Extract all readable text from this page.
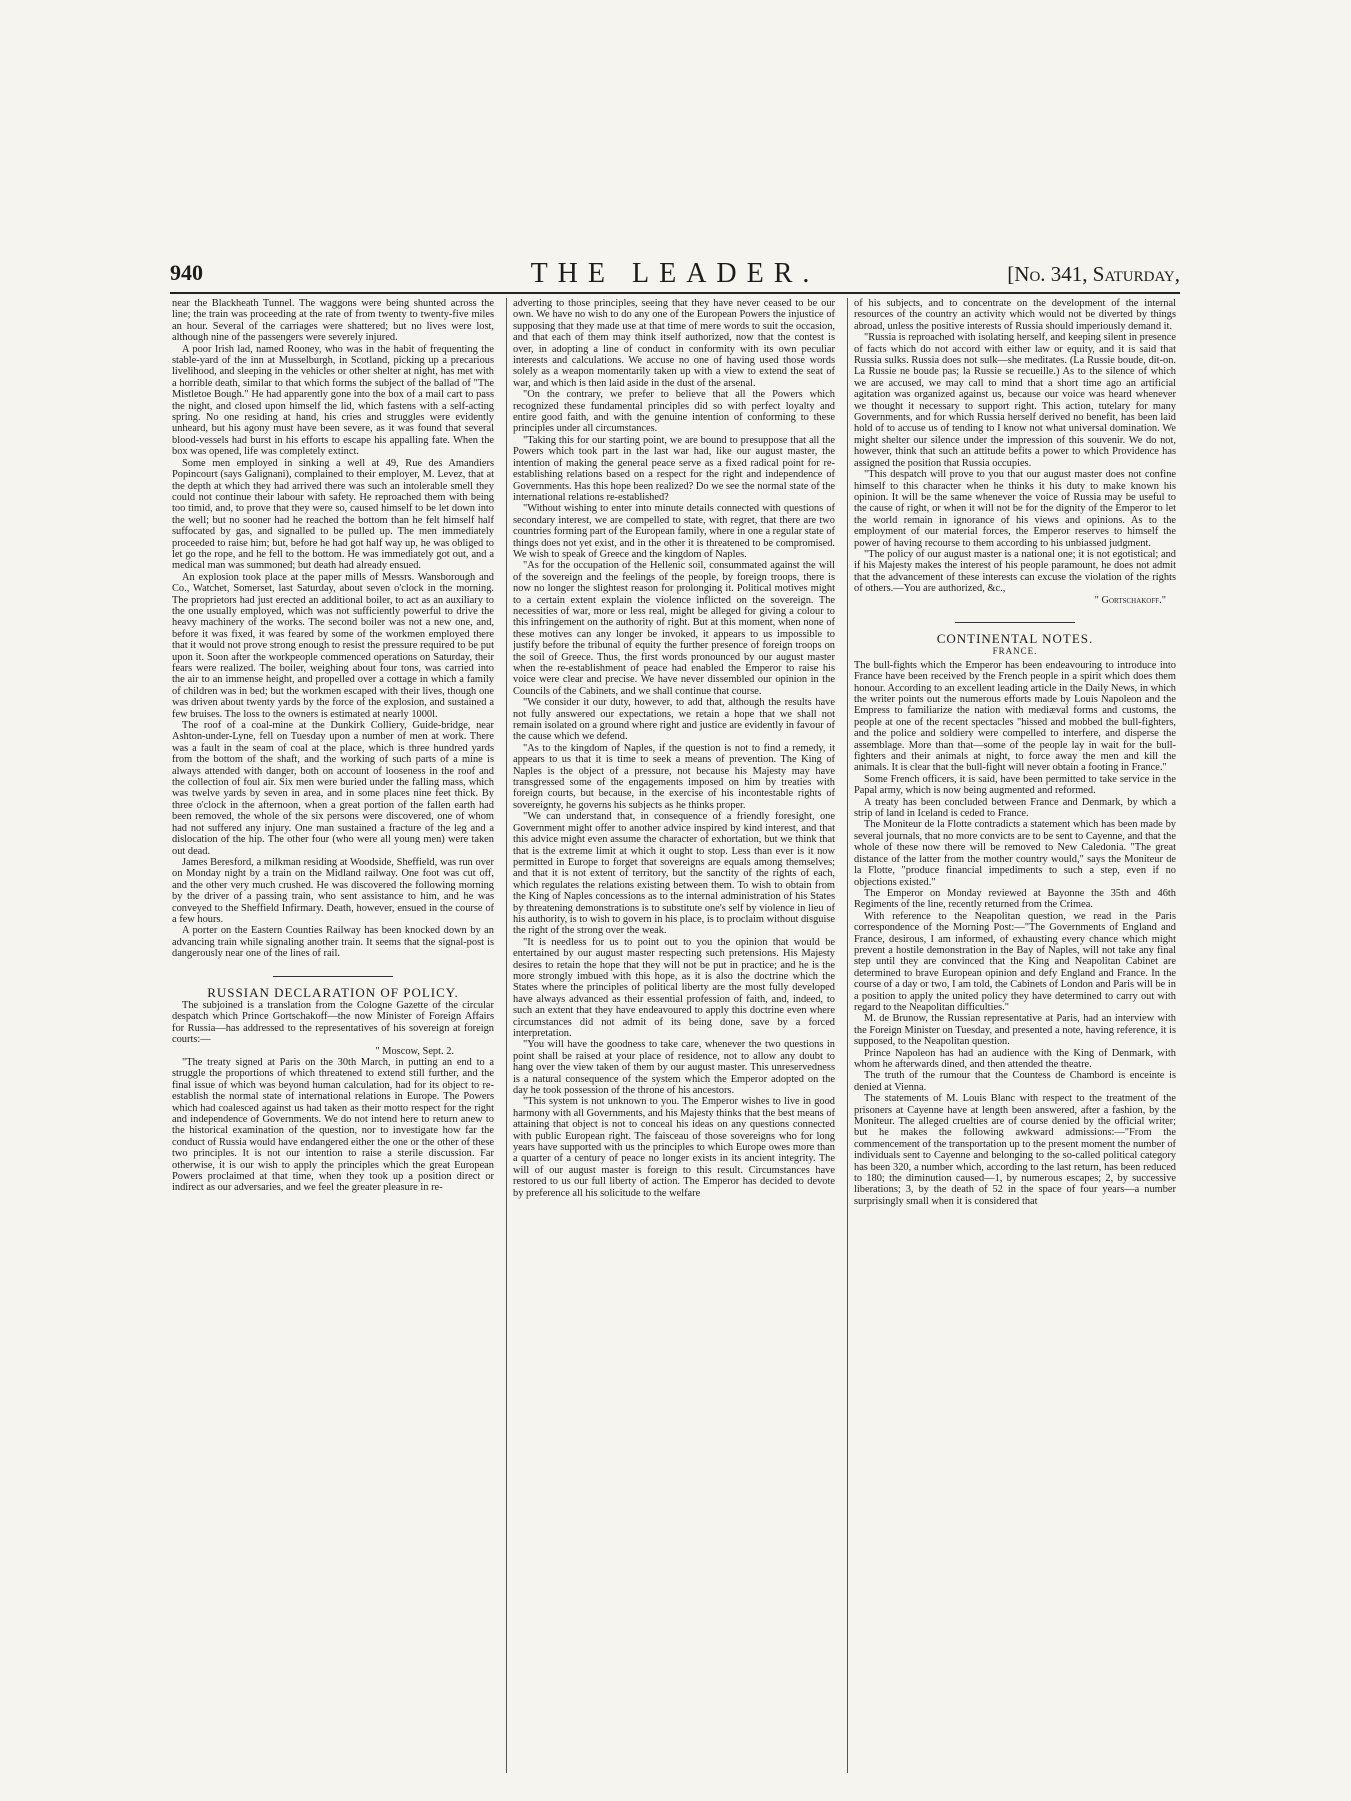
940	THE LEADER.	[No. 341, Saturday,

near the Blackheath Tunnel. The waggons were being shunted across the line; the train was proceeding at the rate of from twenty to twenty-five miles an hour. Several of the carriages were shattered; but no lives were lost, although nine of the passengers were severely injured.

A poor Irish lad, named Rooney, who was in the habit of frequenting the stable-yard of the inn at Musselburgh, in Scotland, picking up a precarious livelihood, and sleeping in the vehicles or other shelter at night, has met with a horrible death, similar to that which forms the subject of the ballad of "The Mistletoe Bough." He had apparently gone into the box of a mail cart to pass the night, and closed upon himself the lid, which fastens with a self-acting spring. No one residing at hand, his cries and struggles were evidently unheard, but his agony must have been severe, as it was found that several blood-vessels had burst in his efforts to escape his appalling fate. When the box was opened, life was completely extinct.

Some men employed in sinking a well at 49, Rue des Amandiers Popincourt (says Galignani), complained to their employer, M. Levez, that at the depth at which they had arrived there was such an intolerable smell they could not continue their labour with safety. He reproached them with being too timid, and, to prove that they were so, caused himself to be let down into the well; but no sooner had he reached the bottom than he felt himself half suffocated by gas, and signalled to be pulled up. The men immediately proceeded to raise him; but, before he had got half way up, he was obliged to let go the rope, and he fell to the bottom. He was immediately got out, and a medical man was summoned; but death had already ensued.

An explosion took place at the paper mills of Messrs. Wansborough and Co., Watchet, Somerset, last Saturday, about seven o'clock in the morning. The proprietors had just erected an additional boiler, to act as an auxiliary to the one usually employed, which was not sufficiently powerful to drive the heavy machinery of the works. The second boiler was not a new one, and, before it was fixed, it was feared by some of the workmen employed there that it would not prove strong enough to resist the pressure required to be put upon it. Soon after the workpeople commenced operations on Saturday, their fears were realized. The boiler, weighing about four tons, was carried into the air to an immense height, and propelled over a cottage in which a family of children was in bed; but the workmen escaped with their lives, though one was driven about twenty yards by the force of the explosion, and sustained a few bruises. The loss to the owners is estimated at nearly 1000l.

The roof of a coal-mine at the Dunkirk Colliery, Guide-bridge, near Ashton-under-Lyne, fell on Tuesday upon a number of men at work. There was a fault in the seam of coal at the place, which is three hundred yards from the bottom of the shaft, and the working of such parts of a mine is always attended with danger, both on account of looseness in the roof and the collection of foul air. Six men were buried under the falling mass, which was twelve yards by seven in area, and in some places nine feet thick. By three o'clock in the afternoon, when a great portion of the fallen earth had been removed, the whole of the six persons were discovered, one of whom had not suffered any injury. One man sustained a fracture of the leg and a dislocation of the hip. The other four (who were all young men) were taken out dead.

James Beresford, a milkman residing at Woodside, Sheffield, was run over on Monday night by a train on the Midland railway. One foot was cut off, and the other very much crushed. He was discovered the following morning by the driver of a passing train, who sent assistance to him, and he was conveyed to the Sheffield Infirmary. Death, however, ensued in the course of a few hours.

A porter on the Eastern Counties Railway has been knocked down by an advancing train while signaling another train. It seems that the signal-post is dangerously near one of the lines of rail.

RUSSIAN DECLARATION OF POLICY.

The subjoined is a translation from the Cologne Gazette of the circular despatch which Prince Gortschakoff—the now Minister of Foreign Affairs for Russia—has addressed to the representatives of his sovereign at foreign courts:—

" Moscow, Sept. 2.

"The treaty signed at Paris on the 30th March, in putting an end to a struggle the proportions of which threatened to extend still further, and the final issue of which was beyond human calculation, had for its object to re-establish the normal state of international relations in Europe. The Powers which had coalesced against us had taken as their motto respect for the right and independence of Governments. We do not intend here to return anew to the historical examination of the question, nor to investigate how far the conduct of Russia would have endangered either the one or the other of these two principles. It is not our intention to raise a sterile discussion. Far otherwise, it is our wish to apply the principles which the great European Powers proclaimed at that time, when they took up a position direct or indirect as our adversaries, and we feel the greater pleasure in re-

adverting to those principles, seeing that they have never ceased to be our own. We have no wish to do any one of the European Powers the injustice of supposing that they made use at that time of mere words to suit the occasion, and that each of them may think itself authorized, now that the contest is over, in adopting a line of conduct in conformity with its own peculiar interests and calculations. We accuse no one of having used those words solely as a weapon momentarily taken up with a view to extend the seat of war, and which is then laid aside in the dust of the arsenal.

"On the contrary, we prefer to believe that all the Powers which recognized these fundamental principles did so with perfect loyalty and entire good faith, and with the genuine intention of conforming to these principles under all circumstances.

"Taking this for our starting point, we are bound to presuppose that all the Powers which took part in the last war had, like our august master, the intention of making the general peace serve as a fixed radical point for re-establishing relations based on a respect for the right and independence of Governments. Has this hope been realized? Do we see the normal state of the international relations re-established?

"Without wishing to enter into minute details connected with questions of secondary interest, we are compelled to state, with regret, that there are two countries forming part of the European family, where in one a regular state of things does not yet exist, and in the other it is threatened to be compromised. We wish to speak of Greece and the kingdom of Naples.

"As for the occupation of the Hellenic soil, consummated against the will of the sovereign and the feelings of the people, by foreign troops, there is now no longer the slightest reason for prolonging it. Political motives might to a certain extent explain the violence inflicted on the sovereign. The necessities of war, more or less real, might be alleged for giving a colour to this infringement on the authority of right. But at this moment, when none of these motives can any longer be invoked, it appears to us impossible to justify before the tribunal of equity the further presence of foreign troops on the soil of Greece. Thus, the first words pronounced by our august master when the re-establishment of peace had enabled the Emperor to raise his voice were clear and precise. We have never dissembled our opinion in the Councils of the Cabinets, and we shall continue that course.

"We consider it our duty, however, to add that, although the results have not fully answered our expectations, we retain a hope that we shall not remain isolated on a ground where right and justice are evidently in favour of the cause which we defend.

"As to the kingdom of Naples, if the question is not to find a remedy, it appears to us that it is time to seek a means of prevention. The King of Naples is the object of a pressure, not because his Majesty may have transgressed some of the engagements imposed on him by treaties with foreign courts, but because, in the exercise of his incontestable rights of sovereignty, he governs his subjects as he thinks proper.

"We can understand that, in consequence of a friendly foresight, one Government might offer to another advice inspired by kind interest, and that this advice might even assume the character of exhortation, but we think that that is the extreme limit at which it ought to stop. Less than ever is it now permitted in Europe to forget that sovereigns are equals among themselves; and that it is not extent of territory, but the sanctity of the rights of each, which regulates the relations existing between them. To wish to obtain from the King of Naples concessions as to the internal administration of his States by threatening demonstrations is to substitute one's self by violence in lieu of his authority, is to wish to govern in his place, is to proclaim without disguise the right of the strong over the weak.

"It is needless for us to point out to you the opinion that would be entertained by our august master respecting such pretensions. His Majesty desires to retain the hope that they will not be put in practice; and he is the more strongly imbued with this hope, as it is also the doctrine which the States where the principles of political liberty are the most fully developed have always advanced as their essential profession of faith, and, indeed, to such an extent that they have endeavoured to apply this doctrine even where circumstances did not admit of its being done, save by a forced interpretation.

"You will have the goodness to take care, whenever the two questions in point shall be raised at your place of residence, not to allow any doubt to hang over the view taken of them by our august master. This unreservedness is a natural consequence of the system which the Emperor adopted on the day he took possession of the throne of his ancestors.

"This system is not unknown to you. The Emperor wishes to live in good harmony with all Governments, and his Majesty thinks that the best means of attaining that object is not to conceal his ideas on any questions connected with public European right. The faisceau of those sovereigns who for long years have supported with us the principles to which Europe owes more than a quarter of a century of peace no longer exists in its ancient integrity. The will of our august master is foreign to this result. Circumstances have restored to us our full liberty of action. The Emperor has decided to devote by preference all his solicitude to the welfare

of his subjects, and to concentrate on the development of the internal resources of the country an activity which would not be diverted by things abroad, unless the positive interests of Russia should imperiously demand it.

"Russia is reproached with isolating herself, and keeping silent in presence of facts which do not accord with either law or equity, and it is said that Russia sulks. Russia does not sulk—she meditates. (La Russie boude, dit-on. La Russie ne boude pas; la Russie se recueille.) As to the silence of which we are accused, we may call to mind that a short time ago an artificial agitation was organized against us, because our voice was heard whenever we thought it necessary to support right. This action, tutelary for many Governments, and for which Russia herself derived no benefit, has been laid hold of to accuse us of tending to I know not what universal domination. We might shelter our silence under the impression of this souvenir. We do not, however, think that such an attitude befits a power to which Providence has assigned the position that Russia occupies.

"This despatch will prove to you that our august master does not confine himself to this character when he thinks it his duty to make known his opinion. It will be the same whenever the voice of Russia may be useful to the cause of right, or when it will not be for the dignity of the Emperor to let the world remain in ignorance of his views and opinions. As to the employment of our material forces, the Emperor reserves to himself the power of having recourse to them according to his unbiassed judgment.

"The policy of our august master is a national one; it is not egotistical; and if his Majesty makes the interest of his people paramount, he does not admit that the advancement of these interests can excuse the violation of the rights of others.—You are authorized, &c.,

" Gortschakoff."

CONTINENTAL NOTES.
FRANCE.

The bull-fights which the Emperor has been endeavouring to introduce into France have been received by the French people in a spirit which does them honour. According to an excellent leading article in the Daily News, in which the writer points out the numerous efforts made by Louis Napoleon and the Empress to familiarize the nation with mediæval forms and customs, the people at one of the recent spectacles "hissed and mobbed the bull-fighters, and the police and soldiery were compelled to interfere, and disperse the assemblage. More than that—some of the people lay in wait for the bull-fighters and their animals at night, to force away the men and kill the animals. It is clear that the bull-fight will never obtain a footing in France."

Some French officers, it is said, have been permitted to take service in the Papal army, which is now being augmented and reformed.

A treaty has been concluded between France and Denmark, by which a strip of land in Iceland is ceded to France.

The Moniteur de la Flotte contradicts a statement which has been made by several journals, that no more convicts are to be sent to Cayenne, and that the whole of these now there will be removed to New Caledonia. "The great distance of the latter from the mother country would," says the Moniteur de la Flotte, "produce financial impediments to such a step, even if no objections existed."

The Emperor on Monday reviewed at Bayonne the 35th and 46th Regiments of the line, recently returned from the Crimea.

With reference to the Neapolitan question, we read in the Paris correspondence of the Morning Post:—"The Governments of England and France, desirous, I am informed, of exhausting every chance which might prevent a hostile demonstration in the Bay of Naples, will not take any final step until they are convinced that the King and Neapolitan Cabinet are determined to brave European opinion and defy England and France. In the course of a day or two, I am told, the Cabinets of London and Paris will be in a position to apply the united policy they have determined to carry out with regard to the Neapolitan difficulties."

M. de Brunow, the Russian representative at Paris, had an interview with the Foreign Minister on Tuesday, and presented a note, having reference, it is supposed, to the Neapolitan question.

Prince Napoleon has had an audience with the King of Denmark, with whom he afterwards dined, and then attended the theatre.

The truth of the rumour that the Countess de Chambord is enceinte is denied at Vienna.

The statements of M. Louis Blanc with respect to the treatment of the prisoners at Cayenne have at length been answered, after a fashion, by the Moniteur. The alleged cruelties are of course denied by the official writer; but he makes the following awkward admissions:—"From the commencement of the transportation up to the present moment the number of individuals sent to Cayenne and belonging to the so-called political category has been 320, a number which, according to the last return, has been reduced to 180; the diminution caused—1, by numerous escapes; 2, by successive liberations; 3, by the death of 52 in the space of four years—a number surprisingly small when it is considered that
